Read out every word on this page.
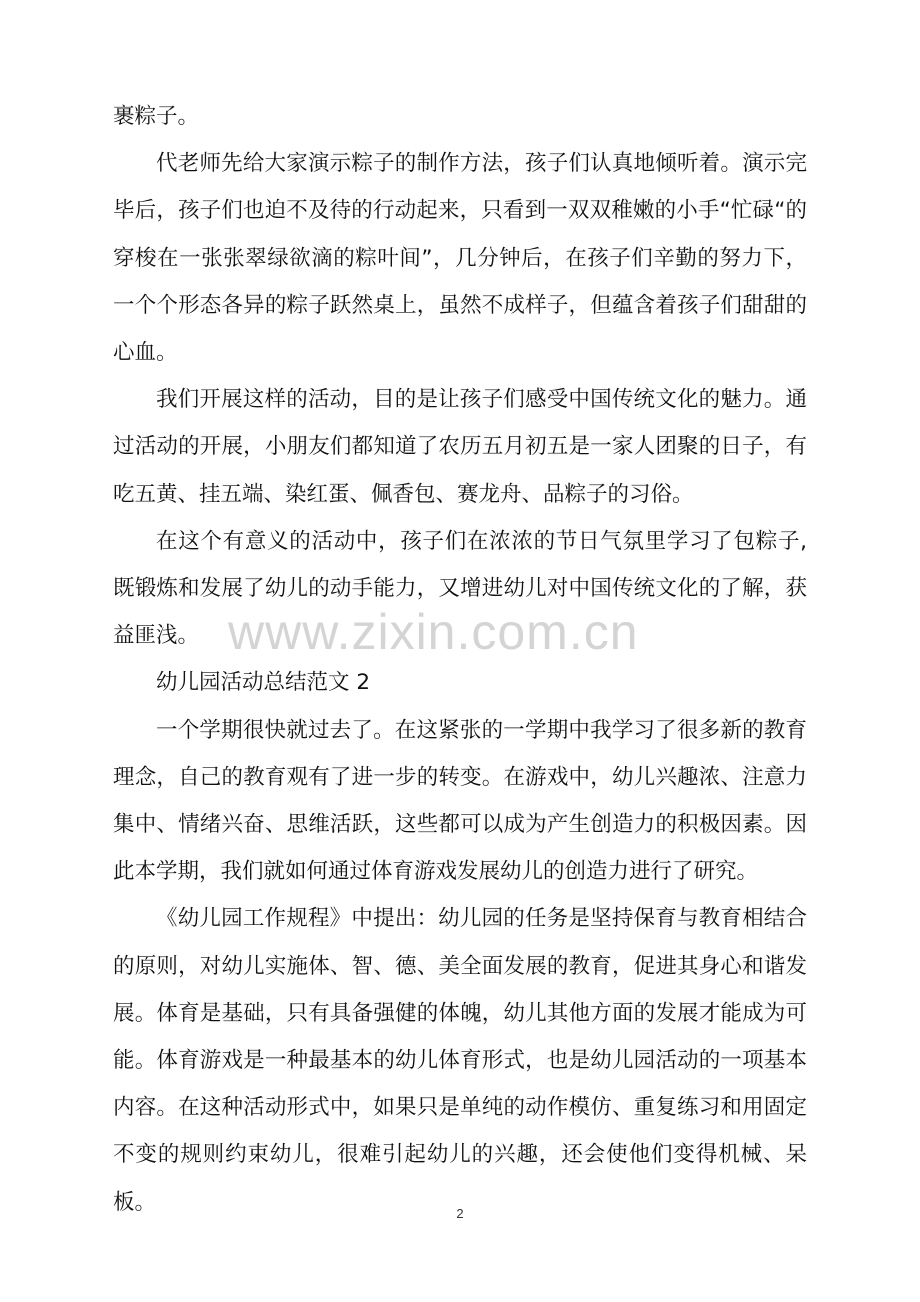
裹粽子。

代老师先给大家演示粽子的制作方法，孩子们认真地倾听着。演示完毕后，孩子们也迫不及待的行动起来，只看到一双双稚嫩的小手“忙碌“的穿梭在一张张翠绿欲滴的粽叶间”，几分钟后，在孩子们辛勤的努力下，一个个形态各异的粽子跃然桌上，虽然不成样子，但蕴含着孩子们甜甜的心血。

我们开展这样的活动，目的是让孩子们感受中国传统文化的魅力。通过活动的开展，小朋友们都知道了农历五月初五是一家人团聚的日子，有吃五黄、挂五端、染红蛋、佩香包、赛龙舟、品粽子的习俗。

在这个有意义的活动中，孩子们在浓浓的节日气氛里学习了包粽子,既锻炼和发展了幼儿的动手能力，又增进幼儿对中国传统文化的了解，获益匪浅。

幼儿园活动总结范文 2

一个学期很快就过去了。在这紧张的一学期中我学习了很多新的教育理念，自己的教育观有了进一步的转变。在游戏中，幼儿兴趣浓、注意力集中、情绪兴奋、思维活跃，这些都可以成为产生创造力的积极因素。因此本学期，我们就如何通过体育游戏发展幼儿的创造力进行了研究。

《幼儿园工作规程》中提出：幼儿园的任务是坚持保育与教育相结合的原则，对幼儿实施体、智、德、美全面发展的教育，促进其身心和谐发展。体育是基础，只有具备强健的体魄，幼儿其他方面的发展才能成为可能。体育游戏是一种最基本的幼儿体育形式，也是幼儿园活动的一项基本内容。在这种活动形式中，如果只是单纯的动作模仿、重复练习和用固定不变的规则约束幼儿，很难引起幼儿的兴趣，还会使他们变得机械、呆板。

www.zixin.com.cn
2
